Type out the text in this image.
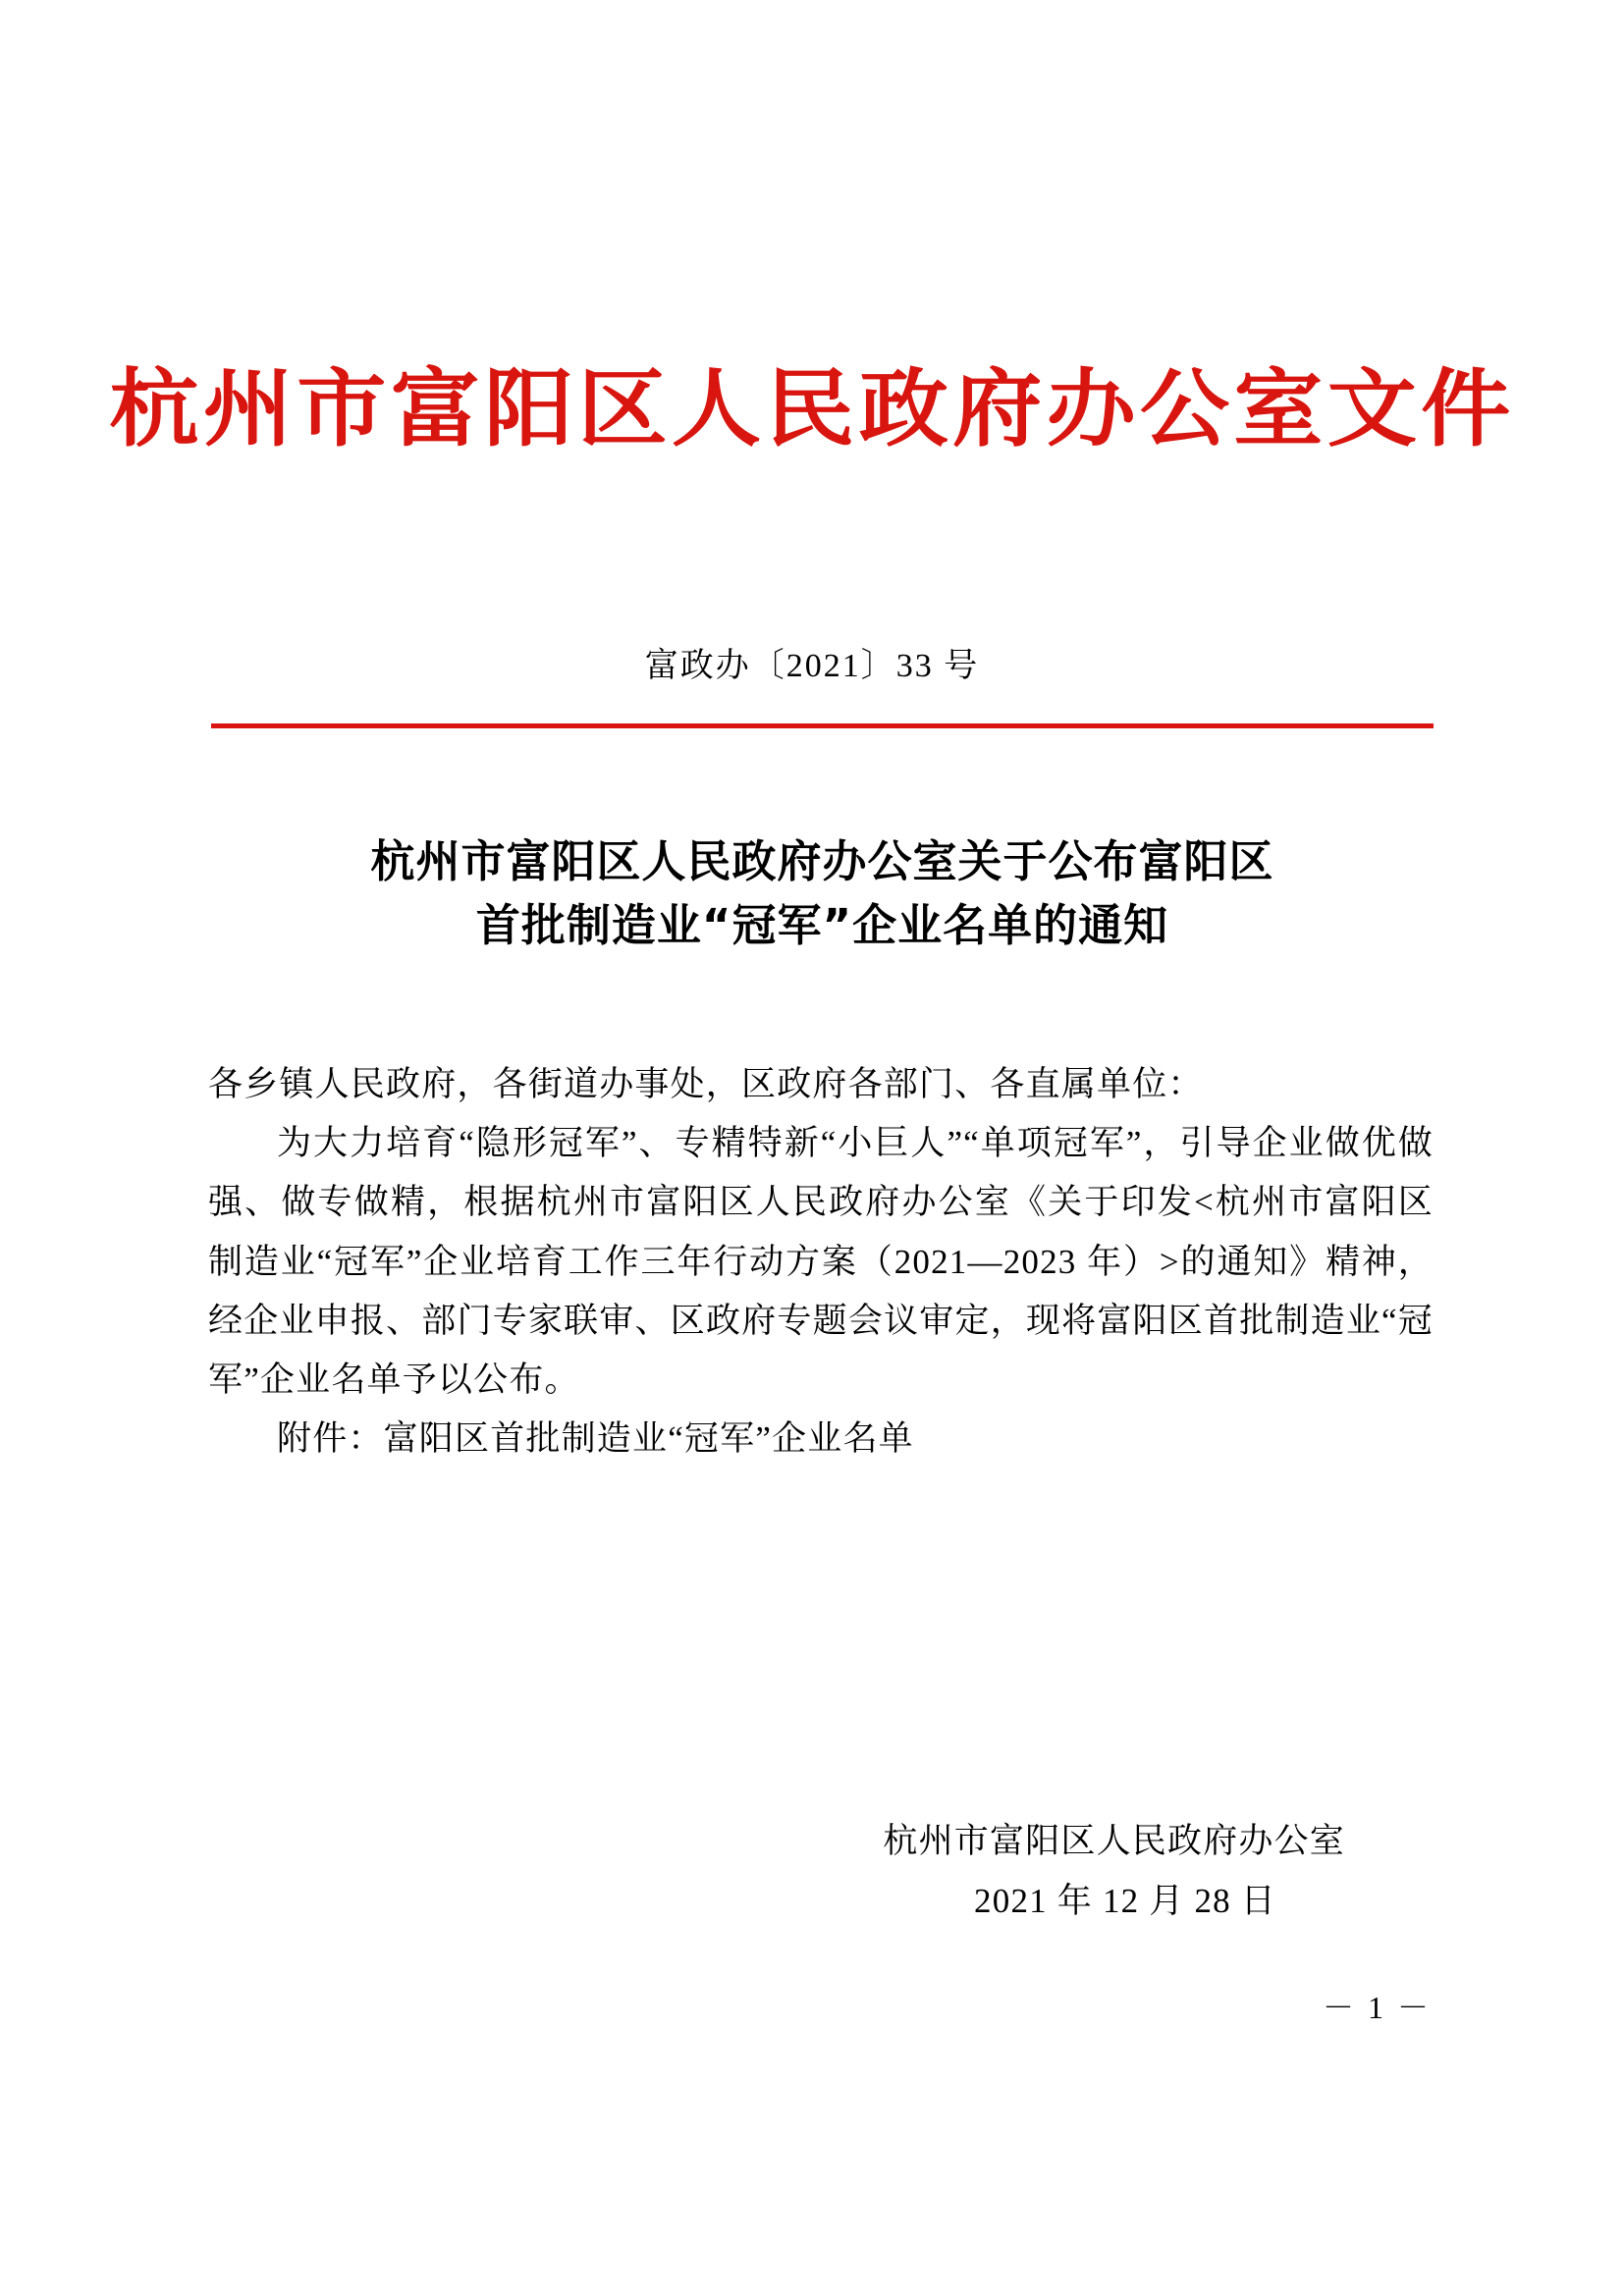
杭州市富阳区人民政府办公室文件
富政办〔2021〕33 号
杭州市富阳区人民政府办公室关于公布富阳区
首批制造业“冠军”企业名单的通知

各乡镇人民政府，各街道办事处，区政府各部门、各直属单位：

为大力培育“隐形冠军”、专精特新“小巨人”“单项冠军”，引导企业做优做强、做专做精，根据杭州市富阳区人民政府办公室《关于印发<杭州市富阳区制造业“冠军”企业培育工作三年行动方案（2021—2023 年）>的通知》精神，经企业申报、部门专家联审、区政府专题会议审定，现将富阳区首批制造业“冠军”企业名单予以公布。

附件：富阳区首批制造业“冠军”企业名单

杭州市富阳区人民政府办公室
2021 年 12 月 28 日
－ 1 －
